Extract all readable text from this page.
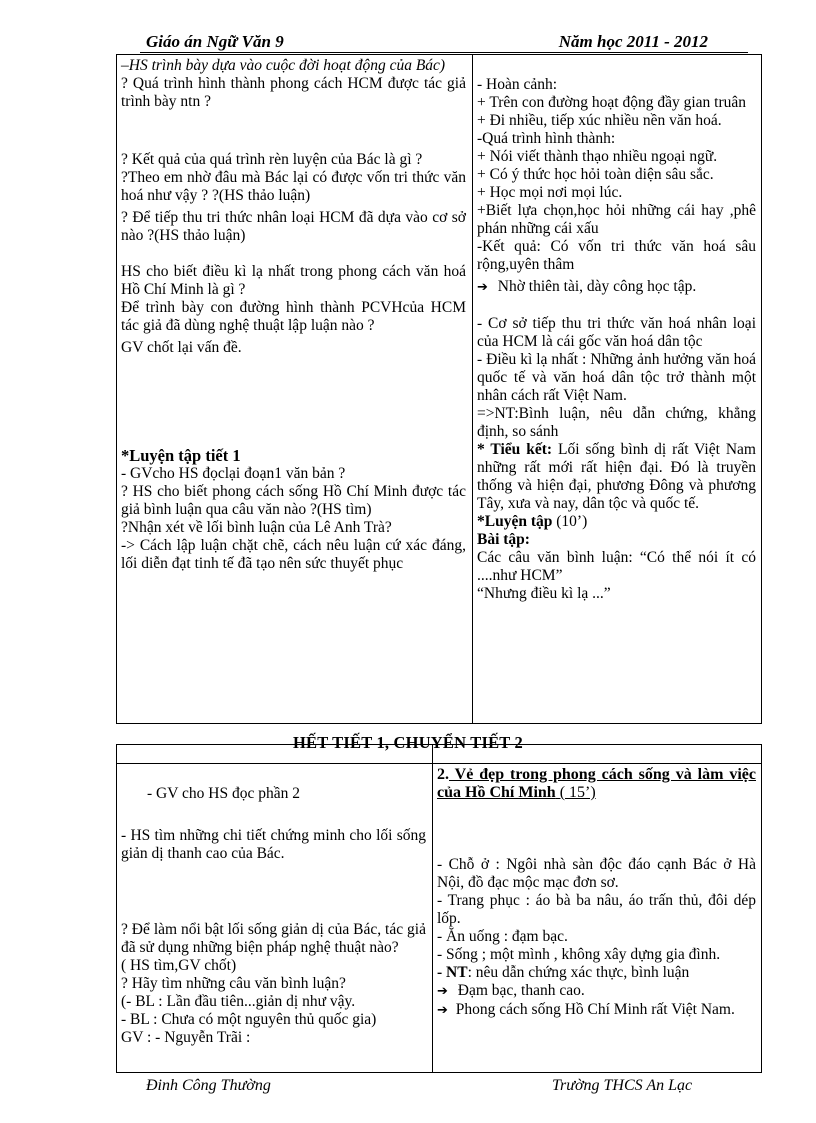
Giáo án Ngữ Văn 9	Năm học 2011 - 2012

–HS trình bày dựa vào cuộc đời hoạt động của Bác)

? Quá trình hình thành phong cách HCM được tác giả trình bày ntn ?

? Kết quả của quá trình rèn luyện của Bác là gì ?

?Theo em nhờ đâu mà Bác lại có được vốn tri thức văn hoá như vậy ? ?(HS thảo luận)

? Để tiếp thu tri thức nhân loại HCM đã dựa vào cơ sở nào ?(HS thảo luận)

HS cho biết điều kì lạ nhất trong phong cách văn hoá Hồ Chí Minh là gì ?

Để trình bày con đường hình thành PCVHcủa HCM tác giả đã dùng nghệ thuật lập luận nào ?

GV chốt lại vấn đề.

*Luyện tập tiết 1

- GVcho HS đọclại đoạn1 văn bản ?

? HS cho biết phong cách sống Hồ Chí Minh được tác giả bình luận qua câu văn nào ?(HS tìm)

?Nhận xét về lối bình luận của Lê Anh Trà?

-> Cách lập luận chặt chẽ, cách nêu luận cứ xác đáng, lối diễn đạt tinh tế đã tạo nên sức thuyết phục

- Hoàn cảnh:

+ Trên con đường hoạt động đầy gian truân

+ Đi nhiều, tiếp xúc nhiều nền văn hoá.

-Quá trình hình thành:

+ Nói viết thành thạo nhiều ngoại ngữ.

+ Có ý thức học hỏi toàn diện sâu sắc.

+ Học mọi nơi mọi lúc.

+Biết lựa chọn,học hỏi những cái hay ,phê phán những cái xấu

-Kết quả: Có vốn tri thức văn hoá sâu rộng,uyên thâm

➔ Nhờ thiên tài, dày công học tập.

- Cơ sở tiếp thu tri thức văn hoá nhân loại của HCM là cái gốc văn hoá dân tộc

- Điều kì lạ nhất : Những ảnh hưởng văn hoá quốc tế và văn hoá dân tộc trở thành một nhân cách rất Việt Nam.

=>NT:Bình luận, nêu dẫn chứng, khẳng định, so sánh

* Tiểu kết: Lối sống bình dị rất Việt Nam những rất mới rất hiện đại. Đó là truyền thống và hiện đại, phương Đông và phương Tây, xưa và nay, dân tộc và quốc tế.

*Luyện tập (10’)

Bài tập:

Các câu văn bình luận: “Có thể nói ít có ....như HCM”

“Nhưng điều kì lạ ...”

HẾT TIẾT 1, CHUYỂN TIẾT 2

- GV cho HS đọc phần 2

- HS tìm những chi tiết chứng minh cho lối sống giản dị thanh cao của Bác.

? Để làm nổi bật lối sống giản dị của Bác, tác giả đã sử dụng những biện pháp nghệ thuật nào?

( HS tìm,GV chốt)

? Hãy tìm những câu văn bình luận?

(- BL : Lần đầu tiên...giản dị như vậy.

- BL : Chưa có một nguyên thủ quốc gia)

GV : - Nguyễn Trãi :

2. Vẻ đẹp trong phong cách sống và làm việc của Hồ Chí Minh ( 15’)

- Chỗ ở : Ngôi nhà sàn độc đáo cạnh Bác ở Hà Nội, đồ đạc mộc mạc đơn sơ.

- Trang phục : áo bà ba nâu, áo trấn thủ, đôi dép lốp.

- Ăn uống : đạm bạc.

- Sống ; một mình , không xây dựng gia đình.

- NT: nêu dẫn chứng xác thực, bình luận

➔ Đạm bạc, thanh cao.

➔ Phong cách sống Hồ Chí Minh rất Việt Nam.

Đinh Công Thường	Trường THCS An Lạc
